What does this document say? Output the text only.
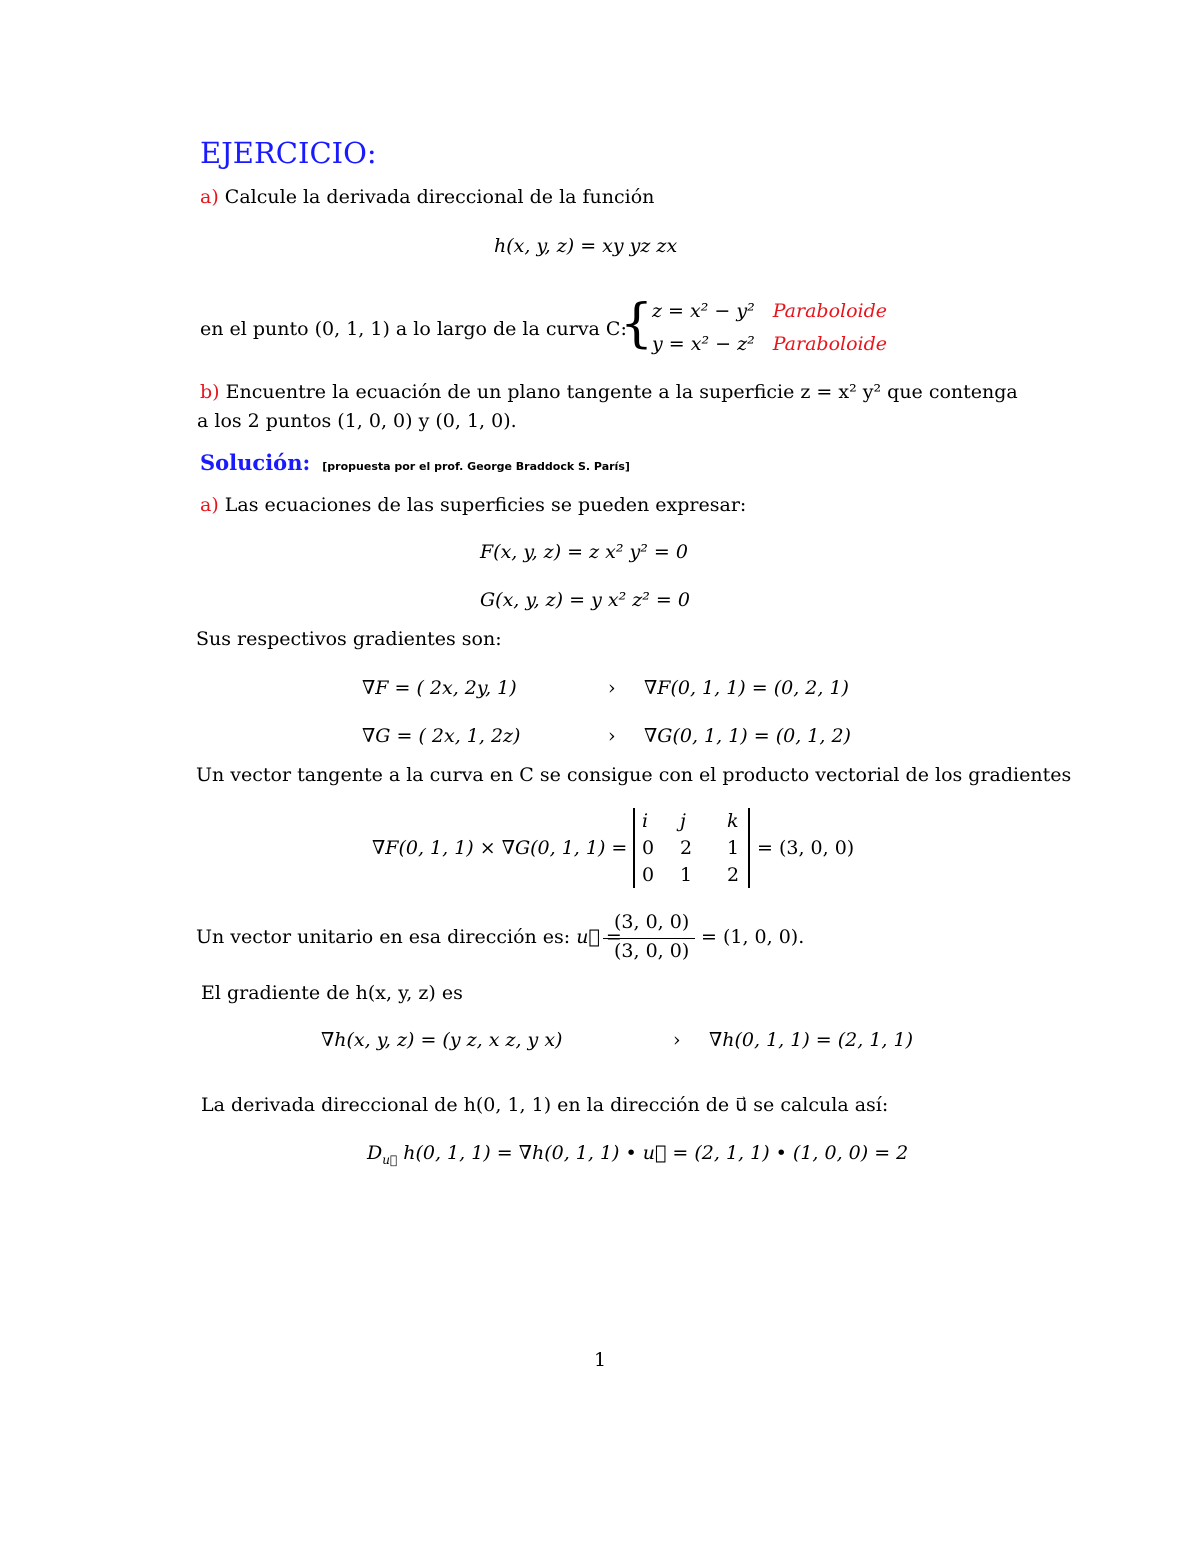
EJERCICIO:
a) Calcule la derivada direccional de la función
h(x, y, z) = xy yz zx
en el punto (0, 1, 1) a lo largo de la curva C:
{
z = x² − y² Paraboloide
y = x² − z² Paraboloide
b) Encuentre la ecuación de un plano tangente a la superficie z = x² y² que contenga
a los 2 puntos (1, 0, 0) y (0, 1, 0).
Solución: [propuesta por el prof. George Braddock S. París]
a) Las ecuaciones de las superficies se pueden expresar:
F(x, y, z) = z x² y² = 0
G(x, y, z) = y x² z² = 0
Sus respectivos gradientes son:
∇F = ( 2x, 2y, 1)	› ∇F(0, 1, 1) = (0, 2, 1)
∇G = ( 2x, 1, 2z)	› ∇G(0, 1, 1) = (0, 1, 2)
Un vector tangente a la curva en C se consigue con el producto vectorial de los gradientes
∇F(0, 1, 1) × ∇G(0, 1, 1) =
i j k
0 2 1
0 1 2
= (3, 0, 0)
Un vector unitario en esa dirección es: u⃗ =
(3, 0, 0)
(3, 0, 0)
= (1, 0, 0).
El gradiente de h(x, y, z) es
∇h(x, y, z) = (y z, x z, y x)	› ∇h(0, 1, 1) = (2, 1, 1)
La derivada direccional de h(0, 1, 1) en la dirección de u⃗ se calcula así:
$D_{u⃗}$ h(0, 1, 1) = ∇h(0, 1, 1) • u⃗ = (2, 1, 1) • (1, 0, 0) = 2
1
